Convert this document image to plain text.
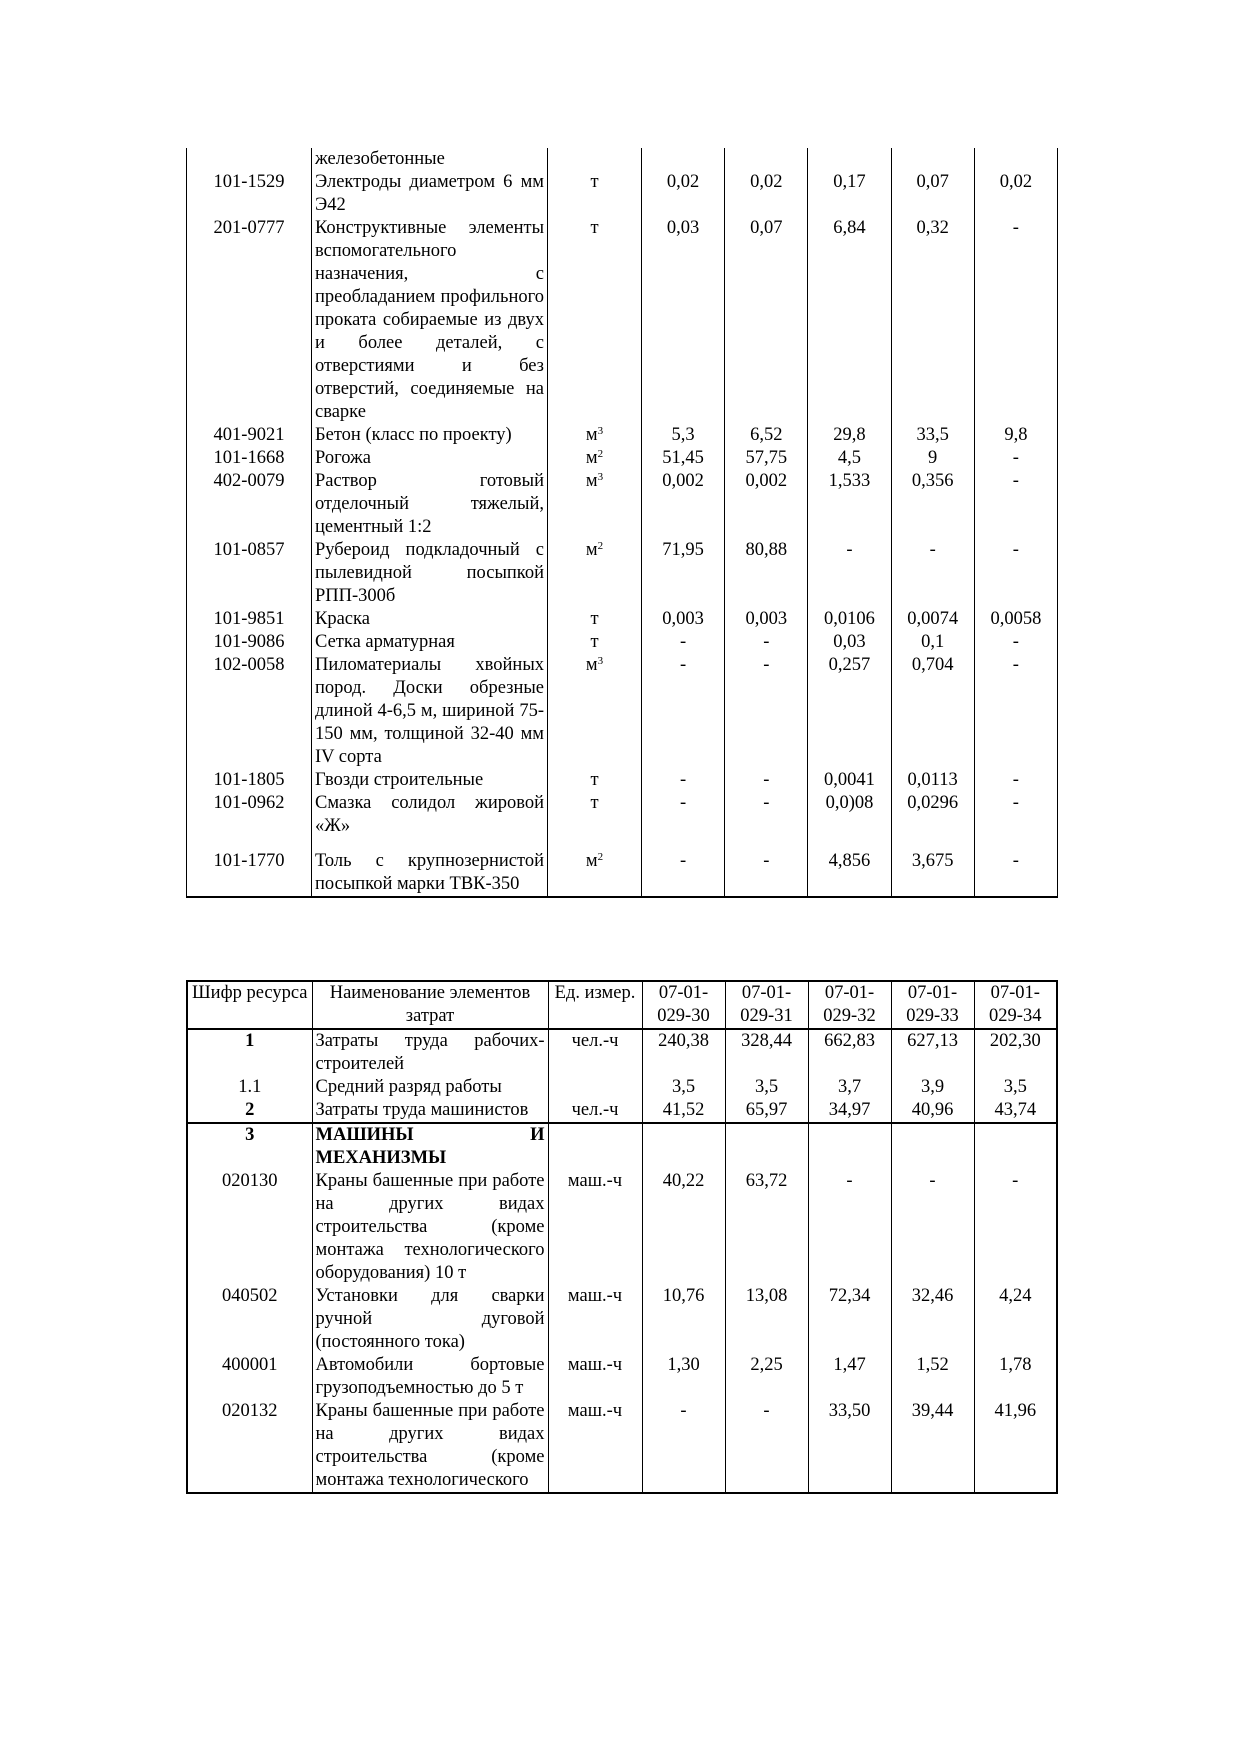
	железобетонные						
101-1529	Электроды диаметром 6 мм Э42	т	0,02	0,02	0,17	0,07	0,02
201-0777	Конструктивные элементы вспомогательного назначения, с преобладанием профильного проката собираемые из двух и более деталей, с отверстиями и без отверстий, соединяемые на сварке	т	0,03	0,07	6,84	0,32	-
401-9021	Бетон (класс по проекту)	$м^3$	5,3	6,52	29,8	33,5	9,8
101-1668	Рогожа	$м^2$	51,45	57,75	4,5	9	-
402-0079	Раствор готовый отделочный тяжелый, цементный 1:2	$м^3$	0,002	0,002	1,533	0,356	-
101-0857	Рубероид подкладочный с пылевидной посыпкой РПП-300б	$м^2$	71,95	80,88	-	-	-
101-9851	Краска	т	0,003	0,003	0,0106	0,0074	0,0058
101-9086	Сетка арматурная	т	-	-	0,03	0,1	-
102-0058	Пиломатериалы хвойных пород. Доски обрезные длиной 4-6,5 м, шириной 75-150 мм, толщиной 32-40 мм IV сорта	$м^3$	-	-	0,257	0,704	-
101-1805	Гвозди строительные	т	-	-	0,0041	0,0113	-
101-0962	Смазка солидол жировой «Ж»	т	-	-	0,0)08	0,0296	-

101-1770	Толь с крупнозернистой посыпкой марки ТВК-350	$м^2$	-	-	4,856	3,675	-
Шифр ресурса	Наименование элементов затрат	Ед. измер.	07-01-029-30	07-01-029-31	07-01-029-32	07-01-029-33	07-01-029-34
1	Затраты труда рабочих-строителей	чел.-ч	240,38	328,44	662,83	627,13	202,30
1.1	Средний разряд работы		3,5	3,5	3,7	3,9	3,5
2	Затраты труда машинистов	чел.-ч	41,52	65,97	34,97	40,96	43,74
3	МАШИНЫ И МЕХАНИЗМЫ						
020130	Краны башенные при работе на других видах строительства (кроме монтажа технологического оборудования) 10 т	маш.-ч	40,22	63,72	-	-	-
040502	Установки для сварки ручной дуговой (постоянного тока)	маш.-ч	10,76	13,08	72,34	32,46	4,24
400001	Автомобили бортовые грузоподъемностью до 5 т	маш.-ч	1,30	2,25	1,47	1,52	1,78
020132	Краны башенные при работе на других видах строительства (кроме монтажа технологического	маш.-ч	-	-	33,50	39,44	41,96
